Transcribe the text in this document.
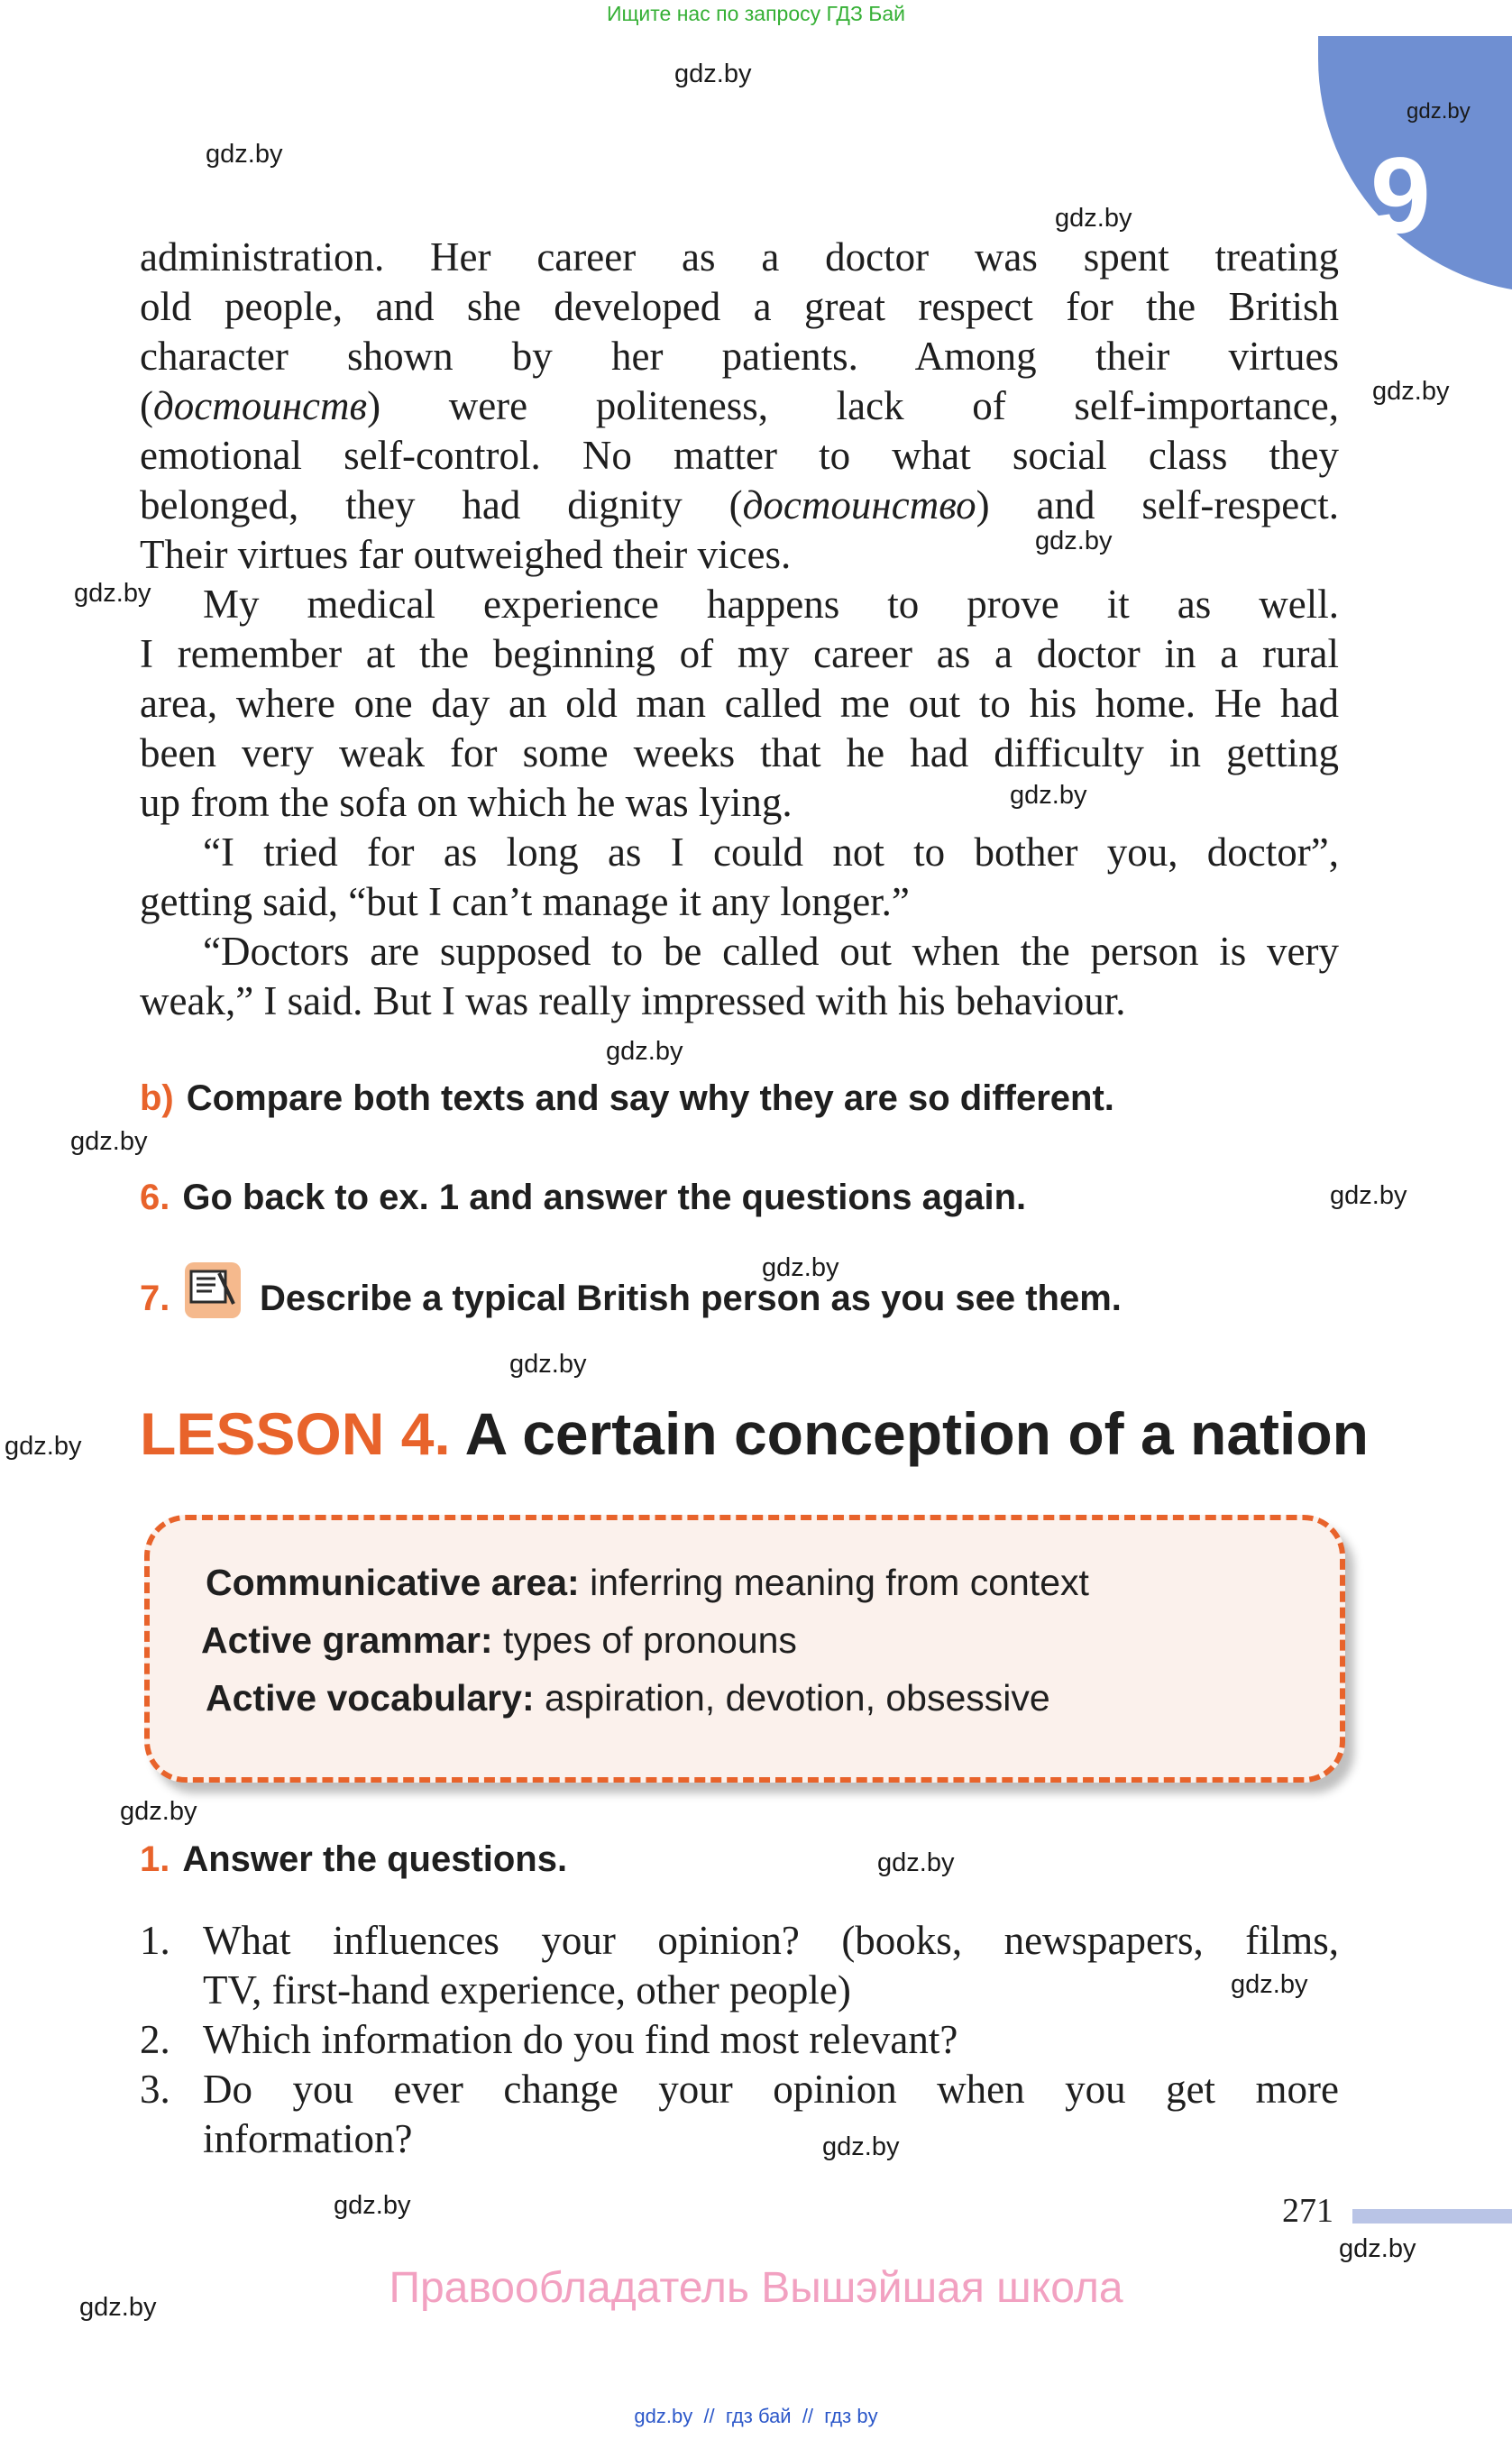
Ищите нас по запросу ГДЗ Бай
9
gdz.by
gdz.by
gdz.by
gdz.by
gdz.by
gdz.by
gdz.by
gdz.by
gdz.by
gdz.by
gdz.by
gdz.by
gdz.by
gdz.by
gdz.by
gdz.by
gdz.by
gdz.by
gdz.by
gdz.by
gdz.by
administration. Her career as a doctor was spent treating
old people, and she developed a great respect for the British
character shown by her patients. Among their virtues
(достоинств) were politeness, lack of self-importance,
emotional self-control. No matter to what social class they
belonged, they had dignity (достоинство) and self-respect.
Their virtues far outweighed their vices.
My medical experience happens to prove it as well.
I remember at the beginning of my career as a doctor in a rural
area, where one day an old man called me out to his home. He had
been very weak for some weeks that he had difficulty in getting
up from the sofa on which he was lying.
“I tried for as long as I could not to bother you, doctor”,
getting said, “but I can’t manage it any longer.”
“Doctors are supposed to be called out when the person is very
weak,” I said. But I was really impressed with his behaviour.
b) Compare both texts and say why they are so different.
6. Go back to ex. 1 and answer the questions again.
7.	Describe a typical British person as you see them.
LESSON 4. A certain conception of a nation
Communicative area: inferring meaning from context
Active grammar: types of pronouns
Active vocabulary: aspiration, devotion, obsessive
1. Answer the questions.
1. What influences your opinion? (books, newspapers, films,
TV, first-hand experience, other people)
2. Which information do you find most relevant?
3. Do you ever change your opinion when you get more
information?
271
Правообладатель Вышэйшая школа
gdz.by  //  гдз бай  //  гдз by
